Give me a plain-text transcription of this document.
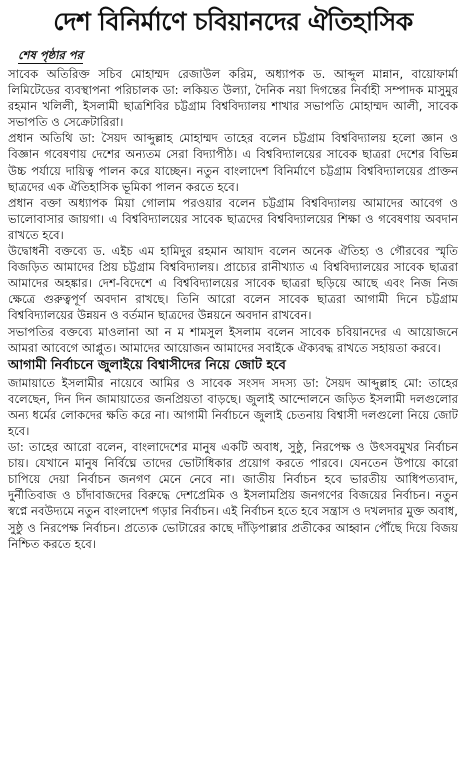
দেশ বিনির্মাণে চবিয়ানদের ঐতিহাসিক
শেষ পৃষ্ঠার পর

সাবেক অতিরিক্ত সচিব মোহাম্মদ রেজাউল করিম, অধ্যাপক ড. আব্দুল মান্নান, বায়োফার্মা লিমিটেডের ব্যবস্থাপনা পরিচালক ডা: লকিয়ত উল্যা, দৈনিক নয়া দিগন্তের নির্বাহী সম্পাদক মাসুমুর রহমান খলিলী, ইসলামী ছাত্রশিবির চট্টগ্রাম বিশ্ববিদ্যালয় শাখার সভাপতি মোহাম্মদ আলী, সাবেক সভাপতি ও সেক্রেটারিরা।

প্রধান অতিথি ডা: সৈয়দ আব্দুল্লাহ মোহাম্মদ তাহের বলেন চট্টগ্রাম বিশ্ববিদ্যালয় হলো জ্ঞান ও বিজ্ঞান গবেষণায় দেশের অন্যতম সেরা বিদ্যাপীঠ। এ বিশ্ববিদ্যালয়ের সাবেক ছাত্ররা দেশের বিভিন্ন উচ্চ পর্যায়ে দায়িত্ব পালন করে যাচ্ছেন। নতুন বাংলাদেশ বিনির্মাণে চট্টগ্রাম বিশ্ববিদ্যালয়ের প্রাক্তন ছাত্রদের এক ঐতিহাসিক ভূমিকা পালন করতে হবে।

প্রধান বক্তা অধ্যাপক মিয়া গোলাম পরওয়ার বলেন চট্টগ্রাম বিশ্ববিদ্যালয় আমাদের আবেগ ও ভালোবাসার জায়গা। এ বিশ্ববিদ্যালয়ের সাবেক ছাত্রদের বিশ্ববিদ্যালয়ের শিক্ষা ও গবেষণায় অবদান রাখতে হবে।

উদ্বোধনী বক্তব্যে ড. এইচ এম হামিদুর রহমান আযাদ বলেন অনেক ঐতিহ্য ও গৌরবের স্মৃতি বিজড়িত আমাদের প্রিয় চট্টগ্রাম বিশ্ববিদ্যালয়। প্রাচ্যের রানীখ্যাত এ বিশ্ববিদ্যালয়ের সাবেক ছাত্ররা আমাদের অহঙ্কার। দেশ-বিদেশে এ বিশ্ববিদ্যালয়ের সাবেক ছাত্ররা ছড়িয়ে আছে এবং নিজ নিজ ক্ষেত্রে গুরুত্বপূর্ণ অবদান রাখছে। তিনি আরো বলেন সাবেক ছাত্ররা আগামী দিনে চট্টগ্রাম বিশ্ববিদ্যালয়ের উন্নয়ন ও বর্তমান ছাত্রদের উন্নয়নে অবদান রাখবেন।

সভাপতির বক্তব্যে মাওলানা আ ন ম শামসুল ইসলাম বলেন সাবেক চবিয়ানদের এ আয়োজনে আমরা আবেগে আপ্লুত। আমাদের আয়োজন আমাদের সবাইকে ঐক্যবদ্ধ রাখতে সহায়তা করবে।

আগামী নির্বাচনে জুলাইয়ে বিশ্বাসীদের নিয়ে জোট হবে

জামায়াতে ইসলামীর নায়েবে আমির ও সাবেক সংসদ সদস্য ডা: সৈয়দ আব্দুল্লাহ মো: তাহের বলেছেন, দিন দিন জামায়াতের জনপ্রিয়তা বাড়ছে। জুলাই আন্দোলনে জড়িত ইসলামী দলগুলোর অন্য ধর্মের লোকদের ক্ষতি করে না। আগামী নির্বাচনে জুলাই চেতনায় বিশ্বাসী দলগুলো নিয়ে জোট হবে।

ডা: তাহের আরো বলেন, বাংলাদেশের মানুষ একটি অবাধ, সুষ্ঠু, নিরপেক্ষ ও উৎসবমুখর নির্বাচন চায়। যেখানে মানুষ নির্বিঘ্নে তাদের ভোটাধিকার প্রয়োগ করতে পারবে। যেনতেন উপায়ে কারো চাপিয়ে দেয়া নির্বাচন জনগণ মেনে নেবে না। জাতীয় নির্বাচন হবে ভারতীয় আধিপত্যবাদ, দুর্নীতিবাজ ও চাঁদাবাজদের বিরুদ্ধে দেশপ্রেমিক ও ইসলামপ্রিয় জনগণের বিজয়ের নির্বাচন। নতুন স্বপ্নে নবউদ্যমে নতুন বাংলাদেশ গড়ার নির্বাচন। এই নির্বাচন হতে হবে সন্ত্রাস ও দখলদার মুক্ত অবাধ, সুষ্ঠু ও নিরপেক্ষ নির্বাচন। প্রত্যেক ভোটারের কাছে দাঁড়িপাল্লার প্রতীকের আহ্বান পৌঁছে দিয়ে বিজয় নিশ্চিত করতে হবে।
